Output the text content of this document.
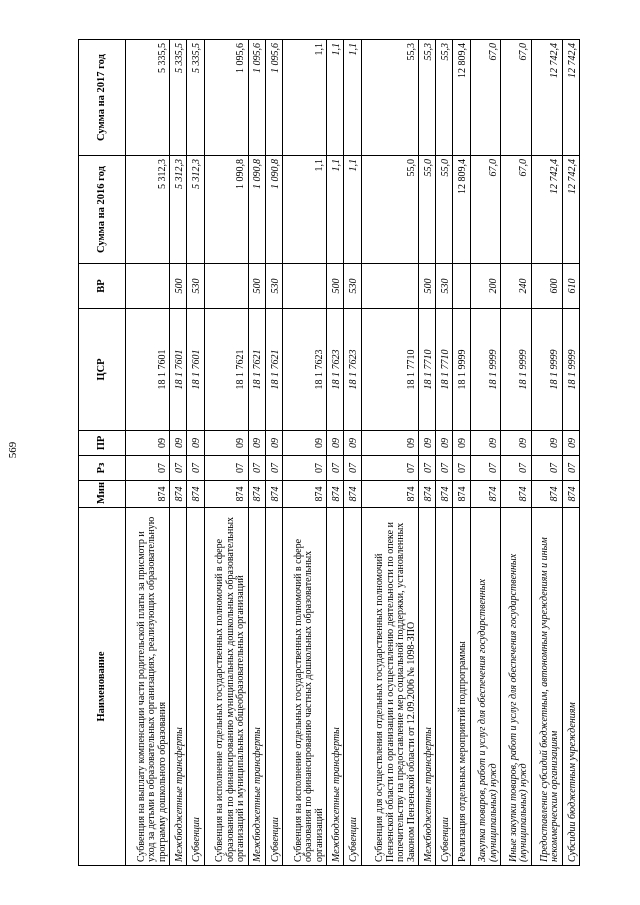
569
Наименование	Мин	Рз	ПР	ЦСР	ВР	Сумма на 2016 год	Сумма на 2017 год
Субвенция на выплату компенсации части родительской платы за присмотр и уход за детьми в образовательных организациях, реализующих образовательную программу дошкольного образования	874	07	09	18 1 7601		5 312,3	5 335,5
Межбюджетные трансферты	874	07	09	18 1 7601	500	5 312,3	5 335,5
Субвенции	874	07	09	18 1 7601	530	5 312,3	5 335,5
Субвенция на исполнение отдельных государственных полномочий в сфере образования по финансированию муниципальных дошкольных образовательных организаций и муниципальных общеобразовательных организаций	874	07	09	18 1 7621		1 090,8	1 095,6
Межбюджетные трансферты	874	07	09	18 1 7621	500	1 090,8	1 095,6
Субвенции	874	07	09	18 1 7621	530	1 090,8	1 095,6
Субвенция на исполнение отдельных государственных полномочий в сфере образования по финансированию частных дошкольных образовательных организаций	874	07	09	18 1 7623		1,1	1,1
Межбюджетные трансферты	874	07	09	18 1 7623	500	1,1	1,1
Субвенции	874	07	09	18 1 7623	530	1,1	1,1
Субвенция для осуществления отдельных государственных полномочий Пензенской области по организации и осуществлению деятельности по опеке и попечительству на предоставление мер социальной поддержки, установленных Законом Пензенской области от 12.09.2006 № 1098-ЗПО	874	07	09	18 1 7710		55,0	55,3
Межбюджетные трансферты	874	07	09	18 1 7710	500	55,0	55,3
Субвенции	874	07	09	18 1 7710	530	55,0	55,3
Реализация отдельных мероприятий подпрограммы	874	07	09	18 1 9999		12 809,4	12 809,4
Закупка товаров, работ и услуг для обеспечения государственных (муниципальных) нужд	874	07	09	18 1 9999	200	67,0	67,0
Иные закупки товаров, работ и услуг для обеспечения государственных (муниципальных) нужд	874	07	09	18 1 9999	240	67,0	67,0
Предоставление субсидий бюджетным, автономным учреждениям и иным некоммерческим организациям	874	07	09	18 1 9999	600	12 742,4	12 742,4
Субсидии бюджетным учреждениям	874	07	09	18 1 9999	610	12 742,4	12 742,4
